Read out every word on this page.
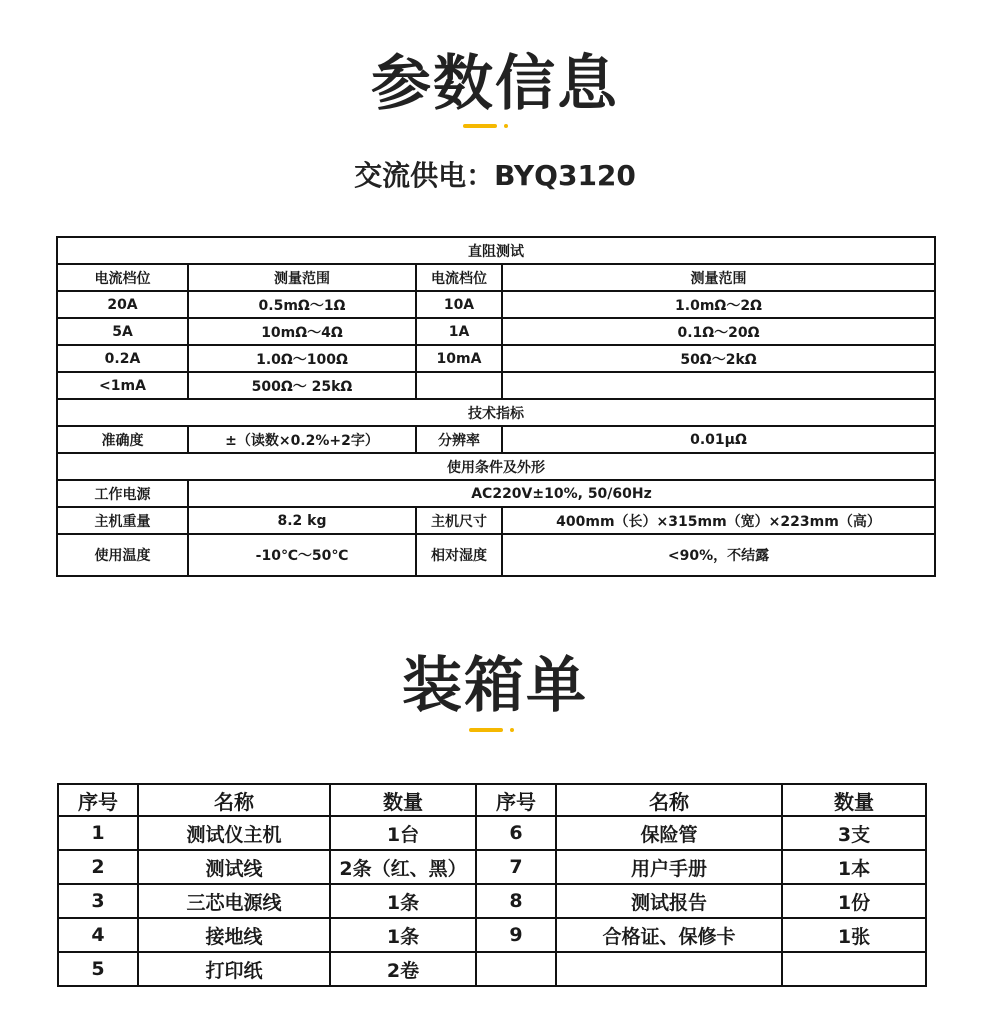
参数信息
交流供电：BYQ3120
直阻测试			
电流档位	测量范围	电流档位	测量范围
20A	0.5mΩ～1Ω	10A	1.0mΩ～2Ω
5A	10mΩ～4Ω	1A	0.1Ω～20Ω
0.2A	1.0Ω～100Ω	10mA	50Ω～2kΩ
<1mA	500Ω～ 25kΩ		
技术指标			
准确度	±（读数×0.2%+2字）	分辨率	0.01μΩ
使用条件及外形			
工作电源	AC220V±10%, 50/60Hz		
主机重量	8.2 kg	主机尺寸	400mm（长）×315mm（宽）×223mm（高）
使用温度	-10℃～50℃	相对湿度	<90%，不结露
装箱单
序号	名称	数量	序号	名称	数量
1	测试仪主机	1台	6	保险管	3支
2	测试线	2条（红、黑）	7	用户手册	1本
3	三芯电源线	1条	8	测试报告	1份
4	接地线	1条	9	合格证、保修卡	1张
5	打印纸	2卷			
